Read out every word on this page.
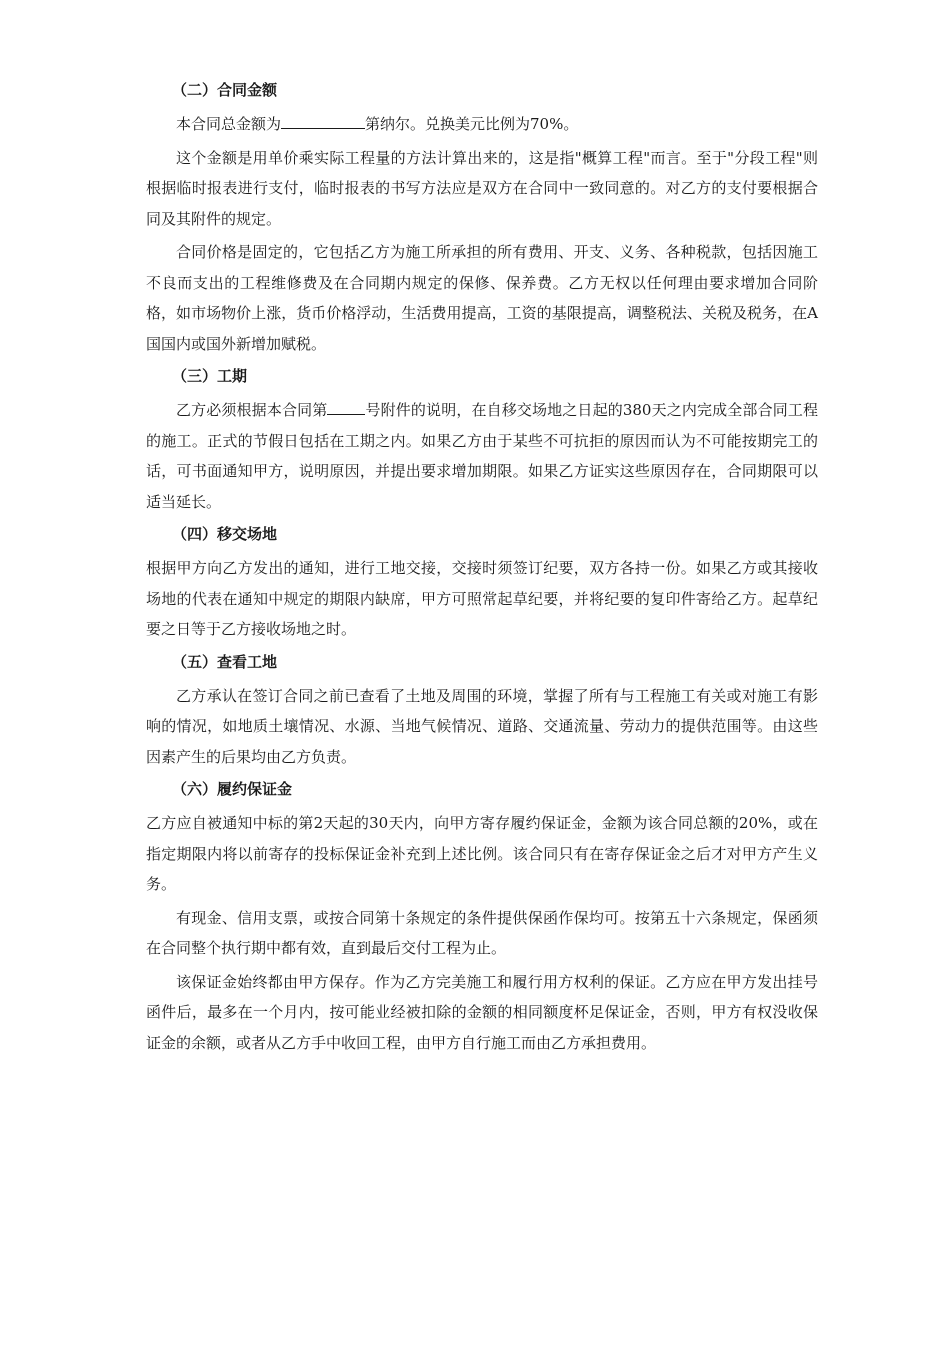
（二）合同金额

本合同总金额为	第纳尔。兑换美元比例为70%。

这个金额是用单价乘实际工程量的方法计算出来的，这是指"概算工程"而言。至于"分段工程"则根据临时报表进行支付，临时报表的书写方法应是双方在合同中一致同意的。对乙方的支付要根据合同及其附件的规定。

合同价格是固定的，它包括乙方为施工所承担的所有费用、开支、义务、各种税款，包括因施工不良而支出的工程维修费及在合同期内规定的保修、保养费。乙方无权以任何理由要求增加合同阶格，如市场物价上涨，货币价格浮动，生活费用提高，工资的基限提高，调整税法、关税及税务，在A国国内或国外新增加赋税。

（三）工期

乙方必须根据本合同第	号附件的说明，在自移交场地之日起的380天之内完成全部合同工程的施工。正式的节假日包括在工期之内。如果乙方由于某些不可抗拒的原因而认为不可能按期完工的话，可书面通知甲方，说明原因，并提出要求增加期限。如果乙方证实这些原因存在，合同期限可以适当延长。

（四）移交场地

根据甲方向乙方发出的通知，进行工地交接，交接时须签订纪要，双方各持一份。如果乙方或其接收场地的代表在通知中规定的期限内缺席，甲方可照常起草纪要，并将纪要的复印件寄给乙方。起草纪要之日等于乙方接收场地之时。

（五）查看工地

乙方承认在签订合同之前已查看了土地及周围的环境，掌握了所有与工程施工有关或对施工有影响的情况，如地质土壤情况、水源、当地气候情况、道路、交通流量、劳动力的提供范围等。由这些因素产生的后果均由乙方负责。

（六）履约保证金

乙方应自被通知中标的第2天起的30天内，向甲方寄存履约保证金，金额为该合同总额的20%，或在指定期限内将以前寄存的投标保证金补充到上述比例。该合同只有在寄存保证金之后才对甲方产生义务。

有现金、信用支票，或按合同第十条规定的条件提供保函作保均可。按第五十六条规定，保函须在合同整个执行期中都有效，直到最后交付工程为止。

该保证金始终都由甲方保存。作为乙方完美施工和履行用方权利的保证。乙方应在甲方发出挂号函件后，最多在一个月内，按可能业经被扣除的金额的相同额度杯足保证金，否则，甲方有权没收保证金的余额，或者从乙方手中收回工程，由甲方自行施工而由乙方承担费用。
